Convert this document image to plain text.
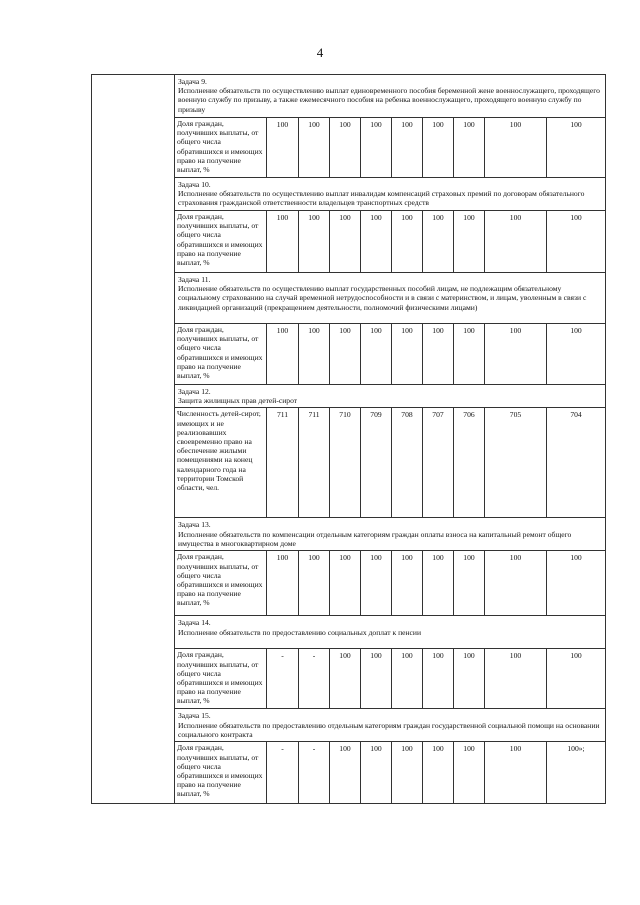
4

	Задача 9.
Исполнение обязательств по осуществлению выплат единовременного пособия беременной жене военнослужащего, проходящего военную службу по призыву, а также ежемесячного пособия на ребенка военнослужащего, проходящего военную службу по призыву									

	Доля граждан, получивших выплаты, от общего числа обратившихся и имеющих право на получение выплат, %	100	100	100	100	100	100	100	100	100

	Задача 10.
Исполнение обязательств по осуществлению выплат инвалидам компенсаций страховых премий по договорам обязательного страхования гражданской ответственности владельцев транспортных средств									

	Доля граждан, получивших выплаты, от общего числа обратившихся и имеющих право на получение выплат, %	100	100	100	100	100	100	100	100	100

	Задача 11.
Исполнение обязательств по осуществлению выплат государственных пособий лицам, не подлежащим обязательному социальному страхованию на случай временной нетрудоспособности и в связи с материнством, и лицам, уволенным в связи с ликвидацией организаций (прекращением деятельности, полномочий физическими лицами)									

	Доля граждан, получивших выплаты, от общего числа обратившихся и имеющих право на получение выплат, %	100	100	100	100	100	100	100	100	100

	Задача 12.
Защита жилищных прав детей-сирот									

	Численность детей-сирот, имеющих и не реализовавших своевременно право на обеспечение жилыми помещениями на конец календарного года на территории Томской области, чел.	711	711	710	709	708	707	706	705	704

	Задача 13.
Исполнение обязательств по компенсации отдельным категориям граждан оплаты взноса на капитальный ремонт общего имущества в многоквартирном доме									

	Доля граждан, получивших выплаты, от общего числа обратившихся и имеющих право на получение выплат, %	100	100	100	100	100	100	100	100	100

	Задача 14.
Исполнение обязательств по предоставлению социальных доплат к пенсии									

	Доля граждан, получивших выплаты, от общего числа обратившихся и имеющих право на получение выплат, %	-	-	100	100	100	100	100	100	100

	Задача 15.
Исполнение обязательств по предоставлению отдельным категориям граждан государственной социальной помощи на основании социального контракта									

	Доля граждан, получивших выплаты, от общего числа обратившихся и имеющих право на получение выплат, %	-	-	100	100	100	100	100	100	100»;
